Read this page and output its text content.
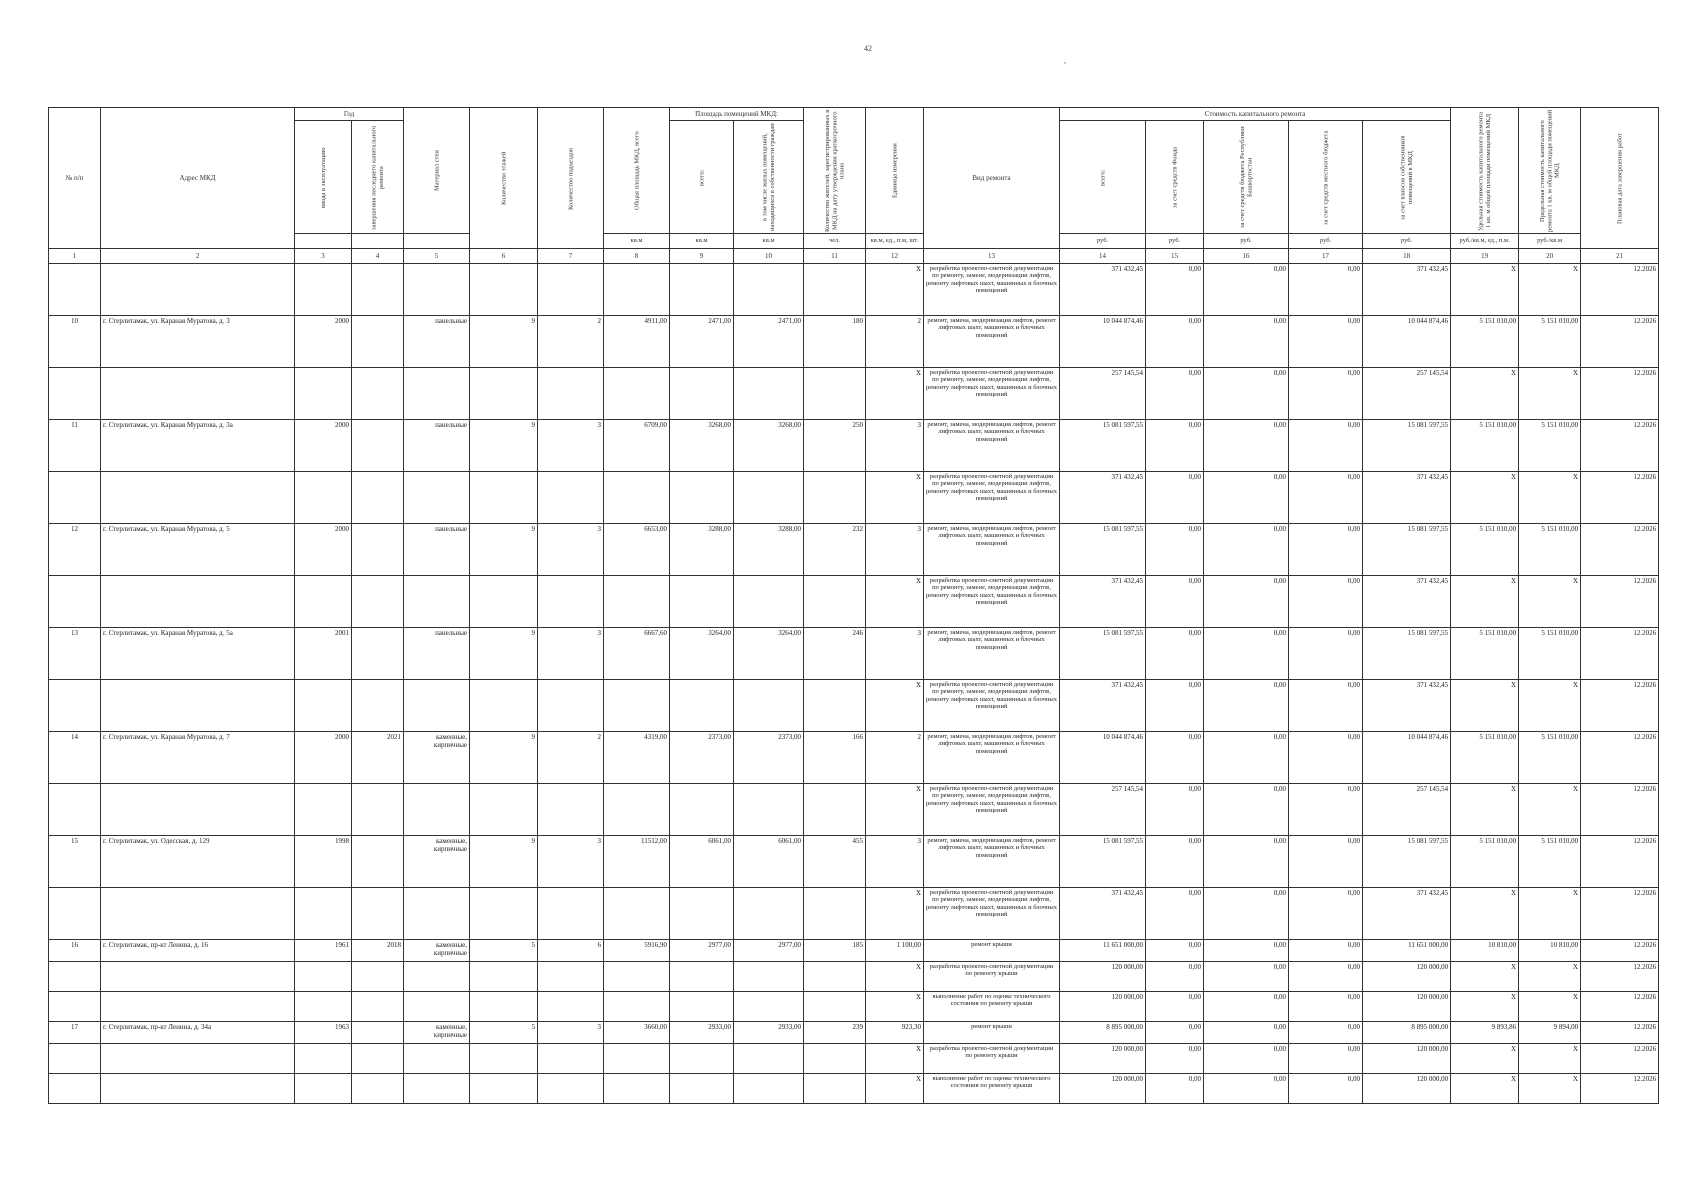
42
,
№ п/п	Адрес МКД	Год		Материал стен	Количество этажей	Количество подъездов	Общая площадь МКД, всего	Площадь помещений МКД:		Количество жителей, зарегистрированных в МКД на дату утверждения краткосрочного плана	Единица измерения	Вид ремонта	Стоимость капитального ремонта					Удельная стоимость капитального ремонта 1 кв. м общей площади помещений МКД	Предельная стоимость капитального ремонта 1 кв. м общей площади помещений МКД	Плановая дата завершения работ
		ввода в эксплуатацию	завершения последнего капитального ремонта					всего:	в том числе жилых помещений, находящихся в собственности граждан				всего:	за счет средств Фонда	за счет средств бюджета Республики Башкортостан	за счет средств местного бюджета	за счет взносов собственников помещений в МКД			
							кв.м	кв.м	кв.м	чел.	кв.м, ед., п.м, шт.		руб.	руб.	руб.	руб.	руб.	руб./кв.м, ед., п.м.	руб./кв.м	
1	2	3	4	5	6	7	8	9	10	11	12	13	14	15	16	17	18	19	20	21
											X	разработка проектно-сметной документации по ремонту, замене, модернизации лифтов, ремонту лифтовых шахт, машинных и блочных помещений	371 432,45	0,00	0,00	0,00	371 432,45	X	X	12.2026
10	г. Стерлитамак, ул. Караная Муратова, д. 3	2000		панельные	9	2	4911,00	2471,00	2471,00	180	2	ремонт, замена, модернизация лифтов, ремонт лифтовых шахт, машинных и блочных помещений	10 044 874,46	0,00	0,00	0,00	10 044 874,46	5 151 010,00	5 151 010,00	12.2026
											X	разработка проектно-сметной документации по ремонту, замене, модернизации лифтов, ремонту лифтовых шахт, машинных и блочных помещений	257 145,54	0,00	0,00	0,00	257 145,54	X	X	12.2026
11	г. Стерлитамак, ул. Караная Муратова, д. 3а	2000		панельные	9	3	6709,00	3268,00	3268,00	250	3	ремонт, замена, модернизация лифтов, ремонт лифтовых шахт, машинных и блочных помещений	15 081 597,55	0,00	0,00	0,00	15 081 597,55	5 151 010,00	5 151 010,00	12.2026
											X	разработка проектно-сметной документации по ремонту, замене, модернизации лифтов, ремонту лифтовых шахт, машинных и блочных помещений	371 432,45	0,00	0,00	0,00	371 432,45	X	X	12.2026
12	г. Стерлитамак, ул. Караная Муратова, д. 5	2000		панельные	9	3	6653,00	3288,00	3288,00	232	3	ремонт, замена, модернизация лифтов, ремонт лифтовых шахт, машинных и блочных помещений	15 081 597,55	0,00	0,00	0,00	15 081 597,55	5 151 010,00	5 151 010,00	12.2026
											X	разработка проектно-сметной документации по ремонту, замене, модернизации лифтов, ремонту лифтовых шахт, машинных и блочных помещений	371 432,45	0,00	0,00	0,00	371 432,45	X	X	12.2026
13	г. Стерлитамак, ул. Караная Муратова, д. 5а	2001		панельные	9	3	6667,60	3264,00	3264,00	246	3	ремонт, замена, модернизация лифтов, ремонт лифтовых шахт, машинных и блочных помещений	15 081 597,55	0,00	0,00	0,00	15 081 597,55	5 151 010,00	5 151 010,00	12.2026
											X	разработка проектно-сметной документации по ремонту, замене, модернизации лифтов, ремонту лифтовых шахт, машинных и блочных помещений	371 432,45	0,00	0,00	0,00	371 432,45	X	X	12.2026
14	г. Стерлитамак, ул. Караная Муратова, д. 7	2000	2021	каменные, кирпичные	9	2	4319,00	2373,00	2373,00	166	2	ремонт, замена, модернизация лифтов, ремонт лифтовых шахт, машинных и блочных помещений	10 044 874,46	0,00	0,00	0,00	10 044 874,46	5 151 010,00	5 151 010,00	12.2026
											X	разработка проектно-сметной документации по ремонту, замене, модернизации лифтов, ремонту лифтовых шахт, машинных и блочных помещений	257 145,54	0,00	0,00	0,00	257 145,54	X	X	12.2026
15	г. Стерлитамак, ул. Одесская, д. 129	1998		каменные, кирпичные	9	3	11512,00	6061,00	6061,00	455	3	ремонт, замена, модернизация лифтов, ремонт лифтовых шахт, машинных и блочных помещений	15 081 597,55	0,00	0,00	0,00	15 081 597,55	5 151 010,00	5 151 010,00	12.2026
											X	разработка проектно-сметной документации по ремонту, замене, модернизации лифтов, ремонту лифтовых шахт, машинных и блочных помещений	371 432,45	0,00	0,00	0,00	371 432,45	X	X	12.2026
16	г. Стерлитамак, пр-кт Ленина, д. 16	1961	2018	каменные, кирпичные	5	6	5916,90	2977,00	2977,00	185	1 100,00	ремонт крыши	11 651 000,00	0,00	0,00	0,00	11 651 000,00	10 810,00	10 810,00	12.2026
											X	разработка проектно-сметной документации по ремонту крыши	120 000,00	0,00	0,00	0,00	120 000,00	X	X	12.2026
											X	выполнение работ по оценке технического состояния по ремонту крыши	120 000,00	0,00	0,00	0,00	120 000,00	X	X	12.2026
17	г. Стерлитамак, пр-кт Ленина, д. 34а	1963		каменные, кирпичные	5	3	3660,00	2933,00	2933,00	239	923,30	ремонт крыши	8 895 000,00	0,00	0,00	0,00	8 895 000,00	9 893,86	9 894,00	12.2026
											X	разработка проектно-сметной документации по ремонту крыши	120 000,00	0,00	0,00	0,00	120 000,00	X	X	12.2026
											X	выполнение работ по оценке технического состояния по ремонту крыши	120 000,00	0,00	0,00	0,00	120 000,00	X	X	12.2026
